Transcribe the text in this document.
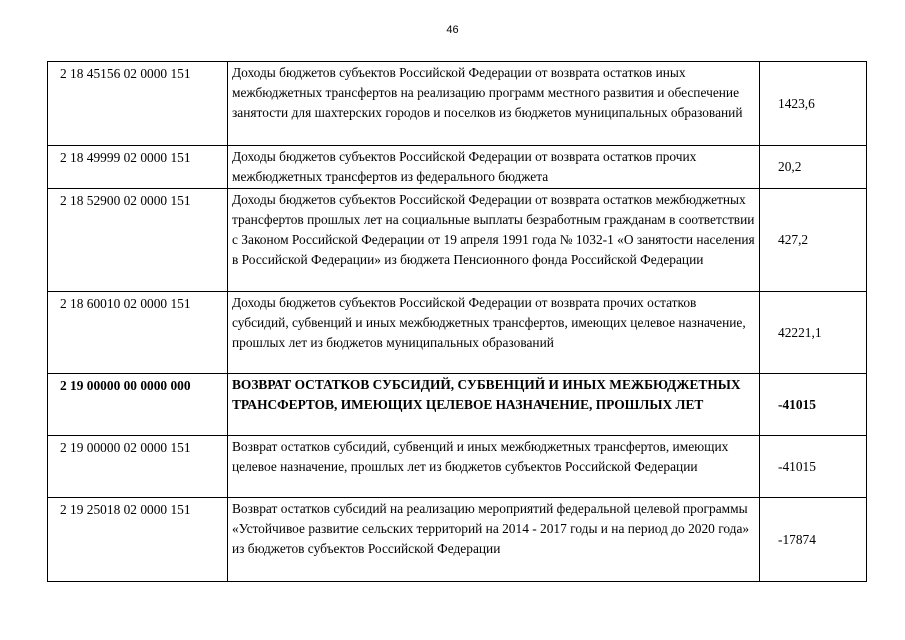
46
2 18 45156 02 0000 151	Доходы бюджетов субъектов Российской Федерации от возврата остатков иных межбюджетных трансфертов на реализацию программ местного развития и обеспечение занятости для шахтерских городов и поселков из бюджетов муниципальных образований	1423,6
2 18 49999 02 0000 151	Доходы бюджетов субъектов Российской Федерации от возврата остатков прочих межбюджетных трансфертов из федерального бюджета	20,2
2 18 52900 02 0000 151	Доходы бюджетов субъектов Российской Федерации от возврата остатков межбюджетных трансфертов прошлых лет на социальные выплаты безработным гражданам в соответствии с Законом Российской Федерации от 19 апреля 1991 года № 1032-1 «О занятости населения в Российской Федерации» из бюджета Пенсионного фонда Российской Федерации	427,2
2 18 60010 02 0000 151	Доходы бюджетов субъектов Российской Федерации от возврата прочих остатков субсидий, субвенций и иных межбюджетных трансфертов, имеющих целевое назначение, прошлых лет из бюджетов муниципальных образований	42221,1
2 19 00000 00 0000 000	ВОЗВРАТ ОСТАТКОВ СУБСИДИЙ, СУБВЕНЦИЙ И ИНЫХ МЕЖБЮДЖЕТНЫХ ТРАНСФЕРТОВ, ИМЕЮЩИХ ЦЕЛЕВОЕ НАЗНАЧЕНИЕ, ПРОШЛЫХ ЛЕТ	-41015
2 19 00000 02 0000 151	Возврат остатков субсидий, субвенций и иных межбюджетных трансфертов, имеющих целевое назначение, прошлых лет из бюджетов субъектов Российской Федерации	-41015
2 19 25018 02 0000 151	Возврат остатков субсидий на реализацию мероприятий федеральной целевой программы «Устойчивое развитие сельских территорий на 2014 - 2017 годы и на период до 2020 года» из бюджетов субъектов Российской Федерации	-17874
